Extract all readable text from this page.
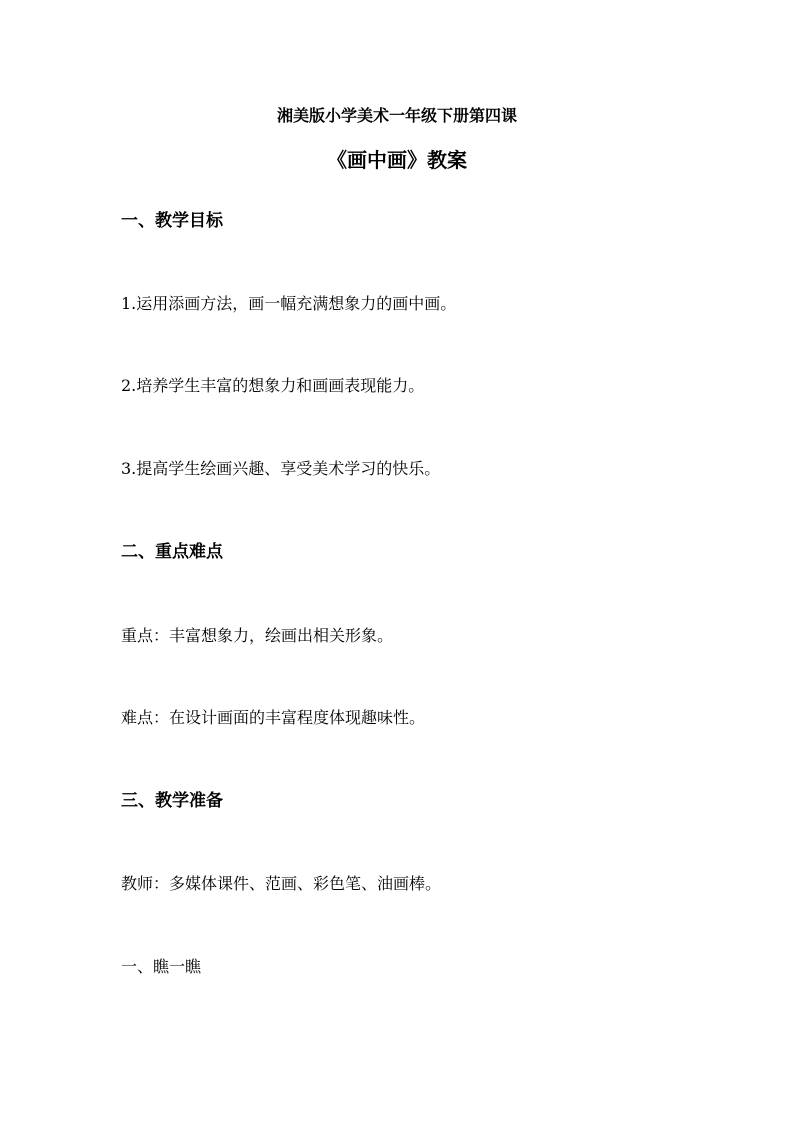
湘美版小学美术一年级下册第四课

《画中画》教案
一、教学目标

1.运用添画方法，画一幅充满想象力的画中画。

2.培养学生丰富的想象力和画画表现能力。

3.提高学生绘画兴趣、享受美术学习的快乐。

二、重点难点

重点：丰富想象力，绘画出相关形象。

难点：在设计画面的丰富程度体现趣味性。

三、教学准备

教师：多媒体课件、范画、彩色笔、油画棒。

一、瞧一瞧
